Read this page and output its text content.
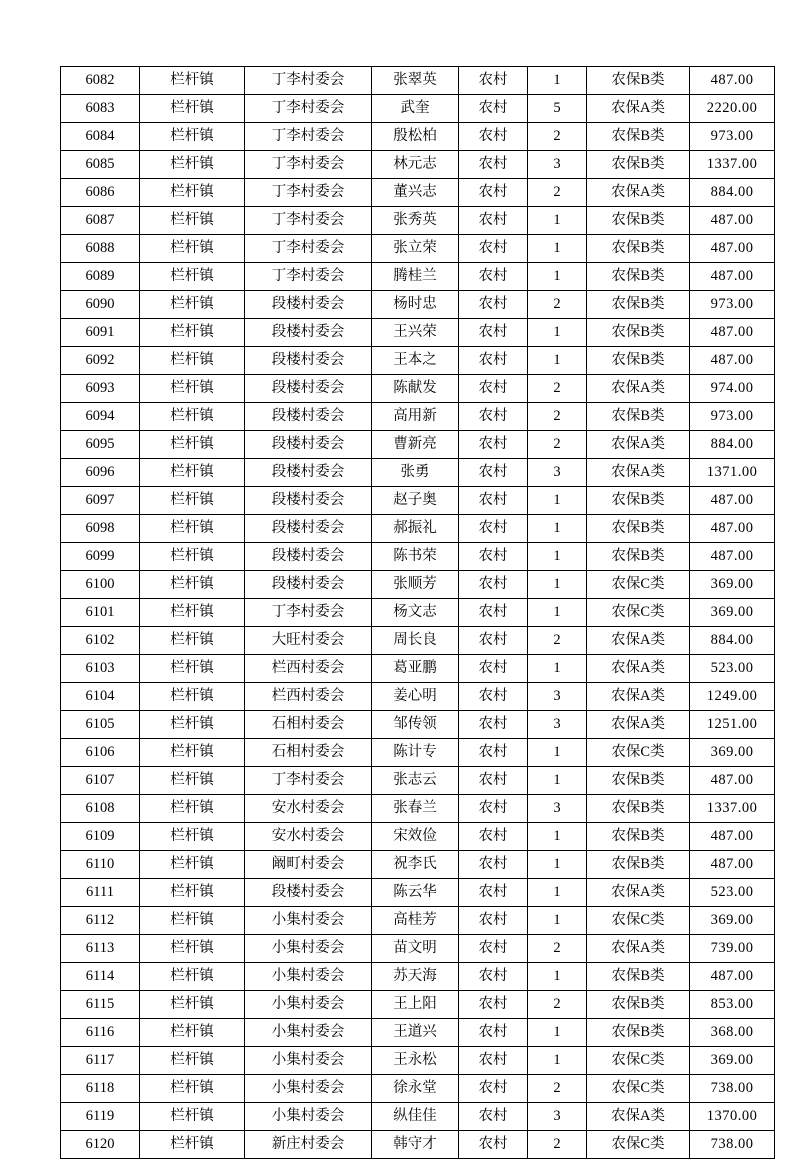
6082	栏杆镇	丁李村委会	张翠英	农村	1	农保B类	487.00
6083	栏杆镇	丁李村委会	武奎	农村	5	农保A类	2220.00
6084	栏杆镇	丁李村委会	殷松柏	农村	2	农保B类	973.00
6085	栏杆镇	丁李村委会	林元志	农村	3	农保B类	1337.00
6086	栏杆镇	丁李村委会	董兴志	农村	2	农保A类	884.00
6087	栏杆镇	丁李村委会	张秀英	农村	1	农保B类	487.00
6088	栏杆镇	丁李村委会	张立荣	农村	1	农保B类	487.00
6089	栏杆镇	丁李村委会	腾桂兰	农村	1	农保B类	487.00
6090	栏杆镇	段楼村委会	杨时忠	农村	2	农保B类	973.00
6091	栏杆镇	段楼村委会	王兴荣	农村	1	农保B类	487.00
6092	栏杆镇	段楼村委会	王本之	农村	1	农保B类	487.00
6093	栏杆镇	段楼村委会	陈献发	农村	2	农保A类	974.00
6094	栏杆镇	段楼村委会	高用新	农村	2	农保B类	973.00
6095	栏杆镇	段楼村委会	曹新亮	农村	2	农保A类	884.00
6096	栏杆镇	段楼村委会	张勇	农村	3	农保A类	1371.00
6097	栏杆镇	段楼村委会	赵子奥	农村	1	农保B类	487.00
6098	栏杆镇	段楼村委会	郝振礼	农村	1	农保B类	487.00
6099	栏杆镇	段楼村委会	陈书荣	农村	1	农保B类	487.00
6100	栏杆镇	段楼村委会	张顺芳	农村	1	农保C类	369.00
6101	栏杆镇	丁李村委会	杨文志	农村	1	农保C类	369.00
6102	栏杆镇	大旺村委会	周长良	农村	2	农保A类	884.00
6103	栏杆镇	栏西村委会	葛亚鹏	农村	1	农保A类	523.00
6104	栏杆镇	栏西村委会	姜心明	农村	3	农保A类	1249.00
6105	栏杆镇	石相村委会	邹传领	农村	3	农保A类	1251.00
6106	栏杆镇	石相村委会	陈计专	农村	1	农保C类	369.00
6107	栏杆镇	丁李村委会	张志云	农村	1	农保B类	487.00
6108	栏杆镇	安水村委会	张春兰	农村	3	农保B类	1337.00
6109	栏杆镇	安水村委会	宋效俭	农村	1	农保B类	487.00
6110	栏杆镇	阚町村委会	祝李氏	农村	1	农保B类	487.00
6111	栏杆镇	段楼村委会	陈云华	农村	1	农保A类	523.00
6112	栏杆镇	小集村委会	高桂芳	农村	1	农保C类	369.00
6113	栏杆镇	小集村委会	苗文明	农村	2	农保A类	739.00
6114	栏杆镇	小集村委会	苏天海	农村	1	农保B类	487.00
6115	栏杆镇	小集村委会	王上阳	农村	2	农保B类	853.00
6116	栏杆镇	小集村委会	王道兴	农村	1	农保B类	368.00
6117	栏杆镇	小集村委会	王永松	农村	1	农保C类	369.00
6118	栏杆镇	小集村委会	徐永堂	农村	2	农保C类	738.00
6119	栏杆镇	小集村委会	纵佳佳	农村	3	农保A类	1370.00
6120	栏杆镇	新庄村委会	韩守才	农村	2	农保C类	738.00
